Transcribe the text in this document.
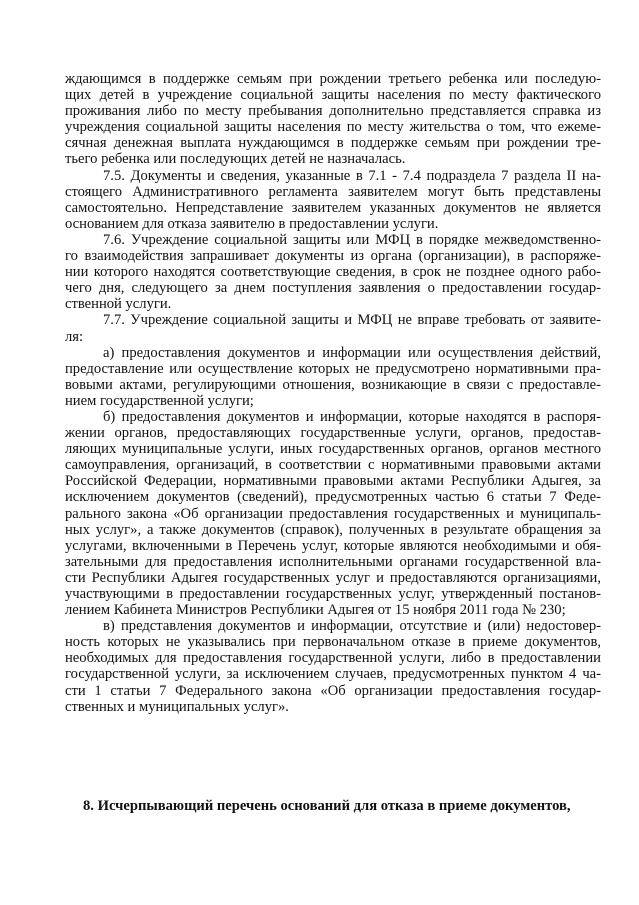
ждающимся в поддержке семьям при рождении третьего ребенка или последую-
щих детей в учреждение социальной защиты населения по месту фактического
проживания либо по месту пребывания дополнительно представляется справка из
учреждения социальной защиты населения по месту жительства о том, что ежеме-
сячная денежная выплата нуждающимся в поддержке семьям при рождении тре-
тьего ребенка или последующих детей не назначалась.
7.5. Документы и сведения, указанные в 7.1 - 7.4 подраздела 7 раздела II на-
стоящего Административного регламента заявителем могут быть представлены
самостоятельно. Непредставление заявителем указанных документов не является
основанием для отказа заявителю в предоставлении услуги.
7.6. Учреждение социальной защиты или МФЦ в порядке межведомственно-
го взаимодействия запрашивает документы из органа (организации), в распоряже-
нии которого находятся соответствующие сведения, в срок не позднее одного рабо-
чего дня, следующего за днем поступления заявления о предоставлении государ-
ственной услуги.
7.7. Учреждение социальной защиты и МФЦ не вправе требовать от заявите-
ля:
а) предоставления документов и информации или осуществления действий,
предоставление или осуществление которых не предусмотрено нормативными пра-
вовыми актами, регулирующими отношения, возникающие в связи с предоставле-
нием государственной услуги;
б) предоставления документов и информации, которые находятся в распоря-
жении органов, предоставляющих государственные услуги, органов, предостав-
ляющих муниципальные услуги, иных государственных органов, органов местного
самоуправления, организаций, в соответствии с нормативными правовыми актами
Российской Федерации, нормативными правовыми актами Республики Адыгея, за
исключением документов (сведений), предусмотренных частью 6 статьи 7 Феде-
рального закона «Об организации предоставления государственных и муниципаль-
ных услуг», а также документов (справок), полученных в результате обращения за
услугами, включенными в Перечень услуг, которые являются необходимыми и обя-
зательными для предоставления исполнительными органами государственной вла-
сти Республики Адыгея государственных услуг и предоставляются организациями,
участвующими в предоставлении государственных услуг, утвержденный постанов-
лением Кабинета Министров Республики Адыгея от 15 ноября 2011 года № 230;
в) представления документов и информации, отсутствие и (или) недостовер-
ность которых не указывались при первоначальном отказе в приеме документов,
необходимых для предоставления государственной услуги, либо в предоставлении
государственной услуги, за исключением случаев, предусмотренных пунктом 4 ча-
сти 1 статьи 7 Федерального закона «Об организации предоставления государ-
ственных и муниципальных услуг».
8. Исчерпывающий перечень оснований для отказа в приеме документов,
